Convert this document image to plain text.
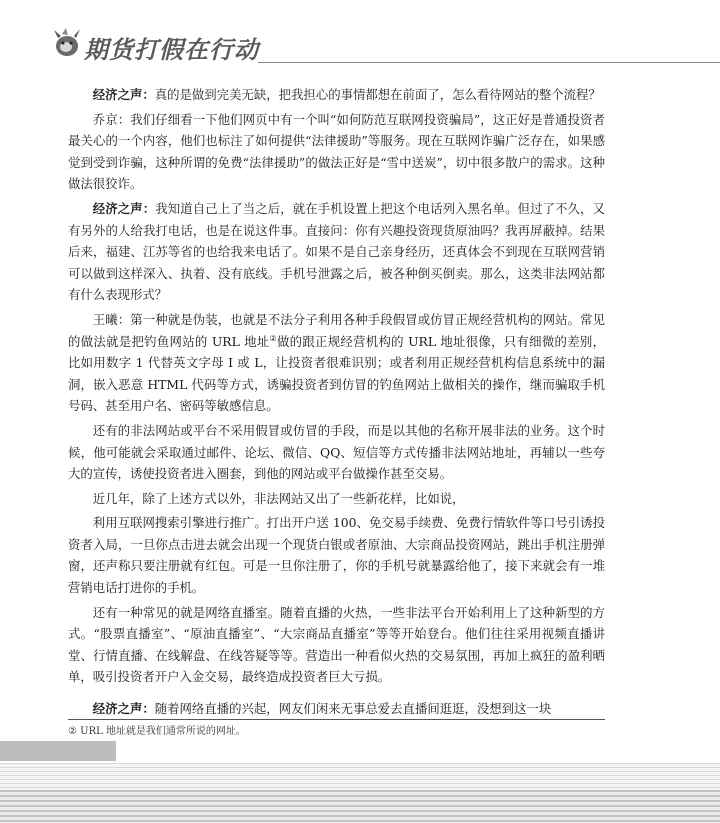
期货打假在行动

经济之声：真的是做到完美无缺，把我担心的事情都想在前面了，怎么看待网站的整个流程？

乔京：我们仔细看一下他们网页中有一个叫“如何防范互联网投资骗局”，这正好是普通投资者最关心的一个内容，他们也标注了如何提供“法律援助”等服务。现在互联网诈骗广泛存在，如果感觉到受到诈骗，这种所谓的免费“法律援助”的做法正好是“雪中送炭”，切中很多散户的需求。这种做法很狡诈。

经济之声：我知道自己上了当之后，就在手机设置上把这个电话列入黑名单。但过了不久，又有另外的人给我打电话，也是在说这件事。直接问：你有兴趣投资现货原油吗？我再屏蔽掉。结果后来，福建、江苏等省的也给我来电话了。如果不是自己亲身经历，还真体会不到现在互联网营销可以做到这样深入、执着、没有底线。手机号泄露之后，被各种倒买倒卖。那么，这类非法网站都有什么表现形式？

王曦：第一种就是伪装，也就是不法分子利用各种手段假冒或仿冒正规经营机构的网站。常见的做法就是把钓鱼网站的 URL 地址②做的跟正规经营机构的 URL 地址很像，只有细微的差别，比如用数字 1 代替英文字母 I 或 L，让投资者很难识别；或者利用正规经营机构信息系统中的漏洞，嵌入恶意 HTML 代码等方式，诱骗投资者到仿冒的钓鱼网站上做相关的操作，继而骗取手机号码、甚至用户名、密码等敏感信息。

还有的非法网站或平台不采用假冒或仿冒的手段，而是以其他的名称开展非法的业务。这个时候，他可能就会采取通过邮件、论坛、微信、QQ、短信等方式传播非法网站地址，再辅以一些夸大的宣传，诱使投资者进入圈套，到他的网站或平台做操作甚至交易。

近几年，除了上述方式以外，非法网站又出了一些新花样，比如说，

利用互联网搜索引擎进行推广。打出开户送 100、免交易手续费、免费行情软件等口号引诱投资者入局，一旦你点击进去就会出现一个现货白银或者原油、大宗商品投资网站，跳出手机注册弹窗，还声称只要注册就有红包。可是一旦你注册了，你的手机号就暴露给他了，接下来就会有一堆营销电话打进你的手机。

还有一种常见的就是网络直播室。随着直播的火热，一些非法平台开始利用上了这种新型的方式。“股票直播室”、“原油直播室”、“大宗商品直播室”等等开始登台。他们往往采用视频直播讲堂、行情直播、在线解盘、在线答疑等等。营造出一种看似火热的交易氛围，再加上疯狂的盈利晒单，吸引投资者开户入金交易，最终造成投资者巨大亏损。

经济之声：随着网络直播的兴起，网友们闲来无事总爱去直播间逛逛，没想到这一块
② URL 地址就是我们通常所说的网址。
